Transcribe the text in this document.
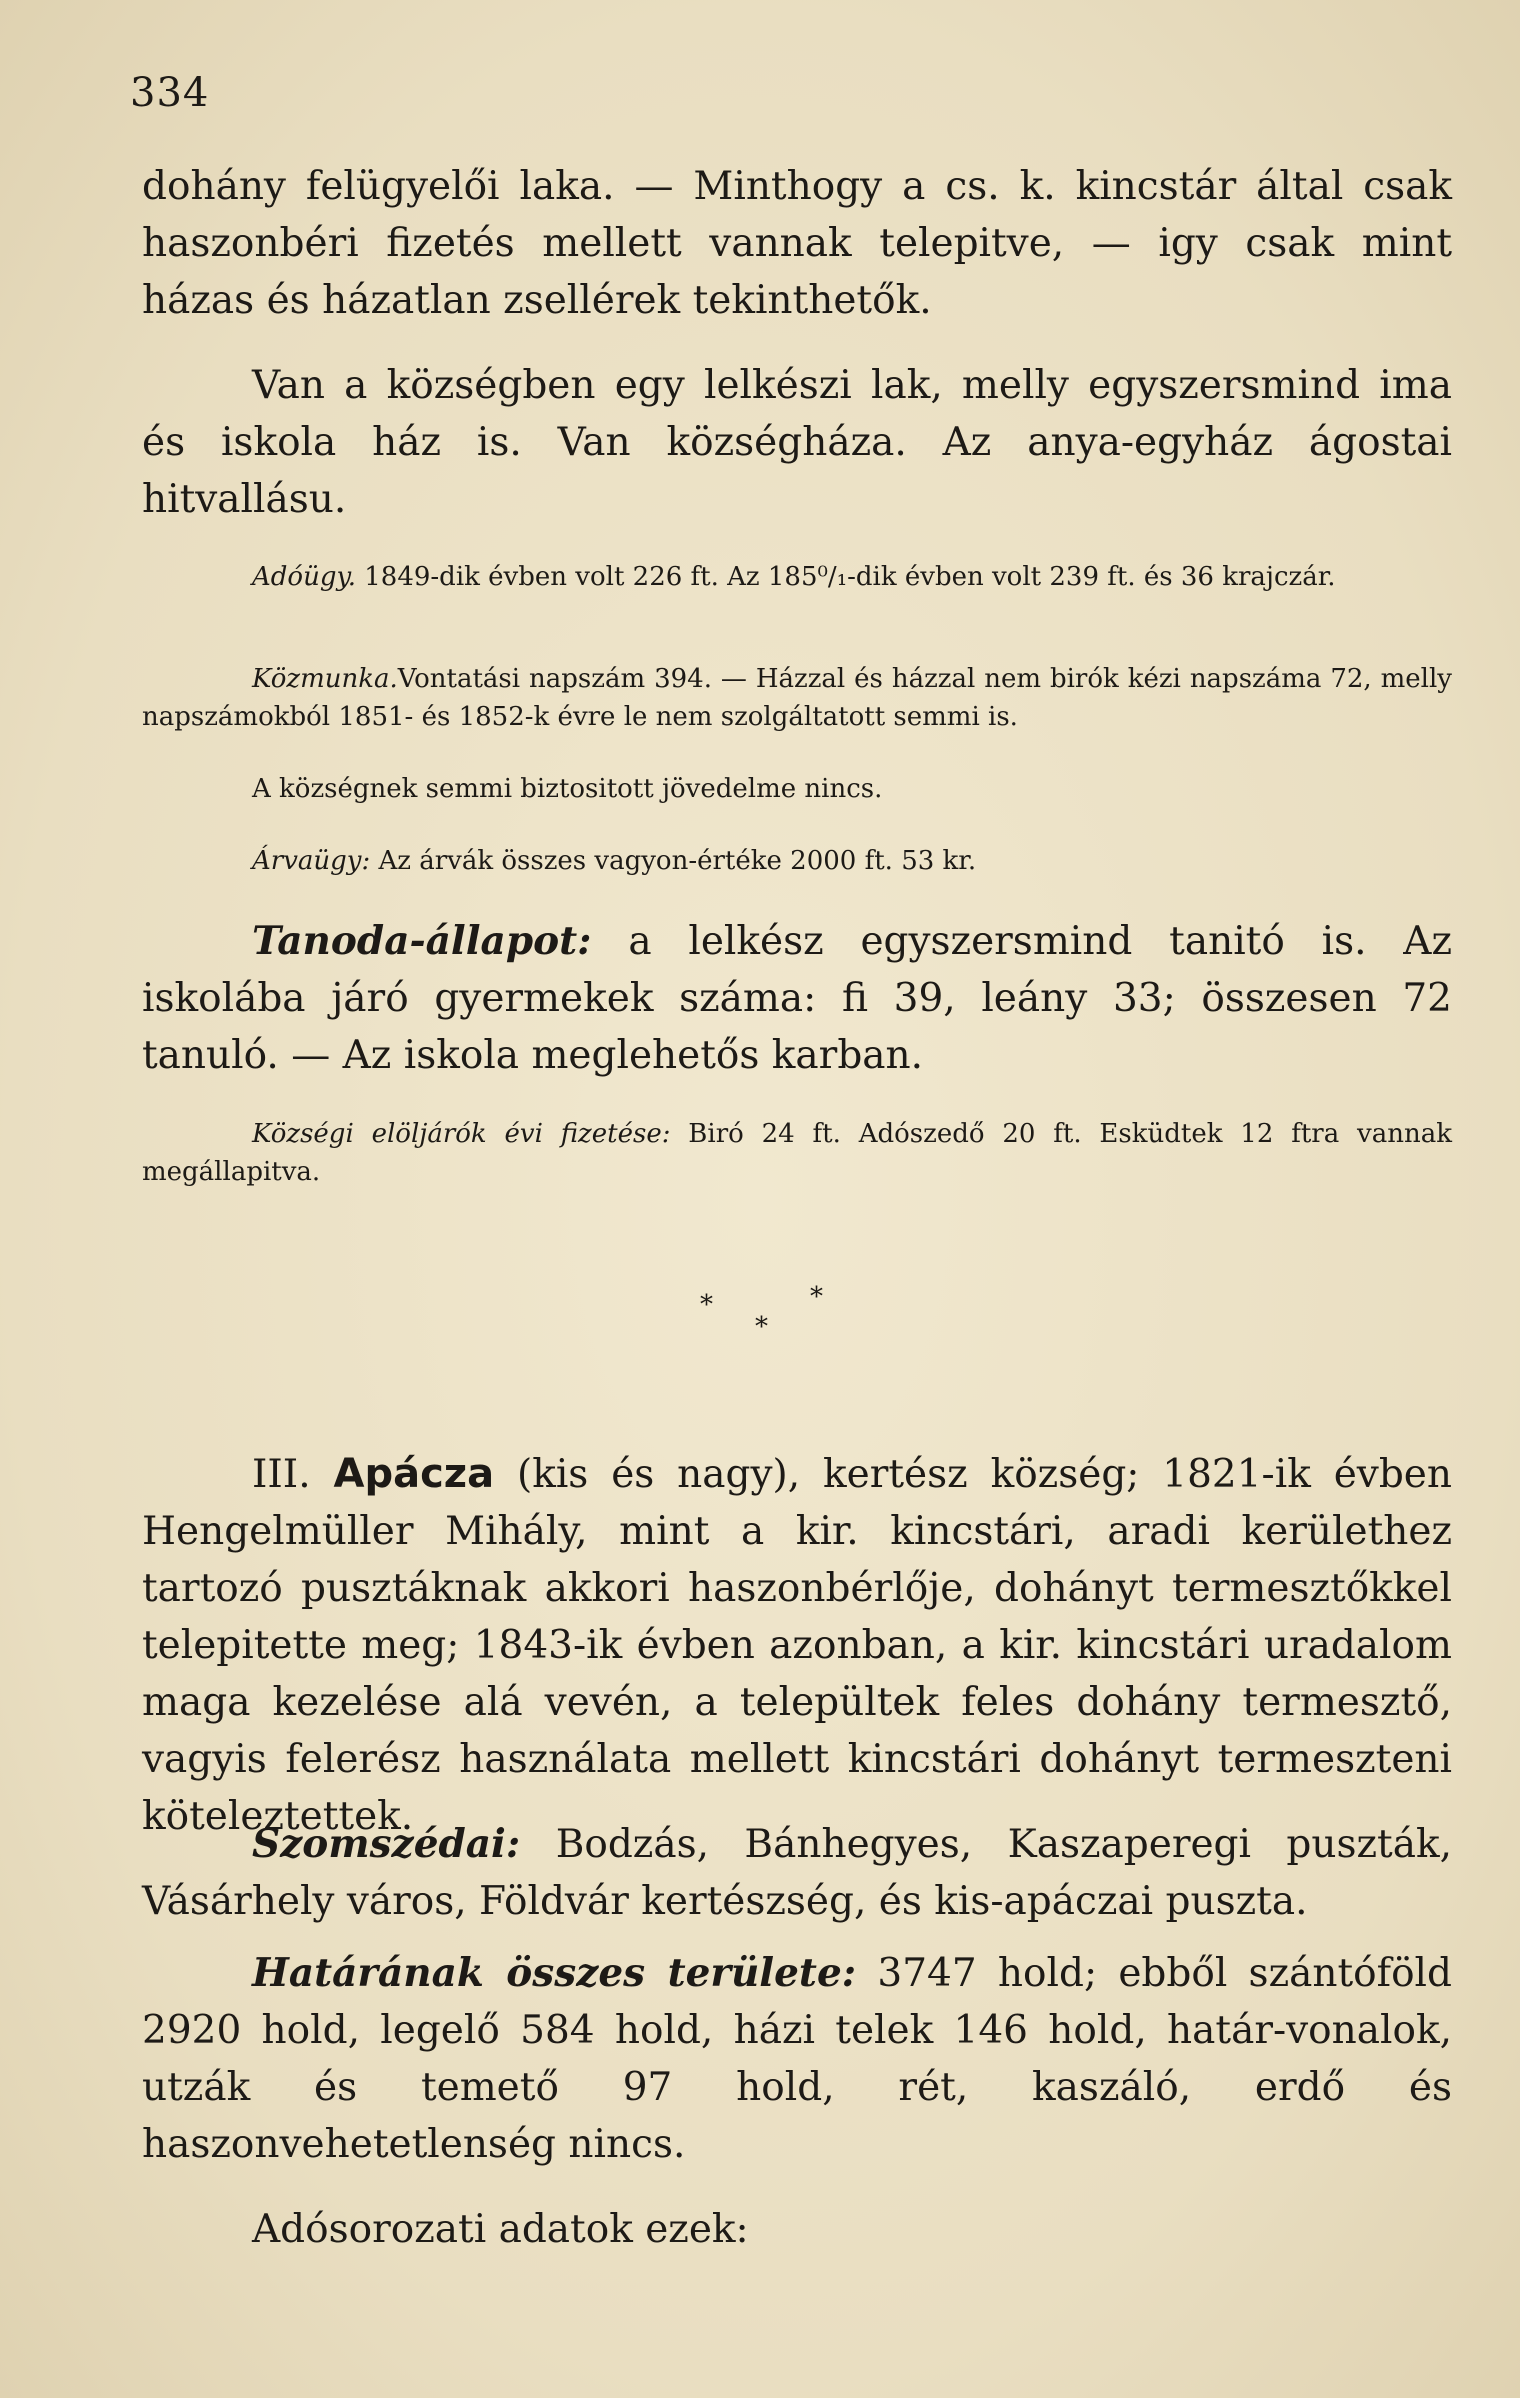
334

dohány felügyelői laka. — Minthogy a cs. k. kincstár által csak haszonbéri fizetés mellett vannak telepitve, — igy csak mint házas és házatlan zsellérek tekinthetők.

Van a községben egy lelkészi lak, melly egyszersmind ima és iskola ház is. Van községháza. Az anya-egyház ágostai hitvallásu.

Adóügy. 1849-dik évben volt 226 ft. Az 185⁰/₁-dik évben volt 239 ft. és 36 krajczár.

Közmunka.Vontatási napszám 394. — Házzal és házzal nem birók kézi napszáma 72, melly napszámokból 1851- és 1852-k évre le nem szolgáltatott semmi is.

A községnek semmi biztositott jövedelme nincs.

Árvaügy: Az árvák összes vagyon-értéke 2000 ft. 53 kr.

Tanoda-állapot: a lelkész egyszersmind tanitó is. Az iskolába járó gyermekek száma: fi 39, leány 33; összesen 72 tanuló. — Az iskola meglehetős karban.

Községi elöljárók évi fizetése: Biró 24 ft. Adószedő 20 ft. Esküdtek 12 ftra vannak megállapitva.

*	*
*

III. Apácza (kis és nagy), kertész község; 1821-ik évben Hengelmüller Mihály, mint a kir. kincstári, aradi kerülethez tartozó pusztáknak akkori haszonbérlője, dohányt termesztőkkel telepitette meg; 1843-ik évben azonban, a kir. kincstári uradalom maga kezelése alá vevén, a települtek feles dohány termesztő, vagyis felerész használata mellett kincstári dohányt termeszteni köteleztettek.

Szomszédai: Bodzás, Bánhegyes, Kaszaperegi puszták, Vásárhely város, Földvár kertészség, és kis-apáczai puszta.

Határának összes területe: 3747 hold; ebből szántóföld 2920 hold, legelő 584 hold, házi telek 146 hold, határ-vonalok, utzák és temető 97 hold, rét, kaszáló, erdő és haszonvehetetlenség nincs.

Adósorozati adatok ezek:
